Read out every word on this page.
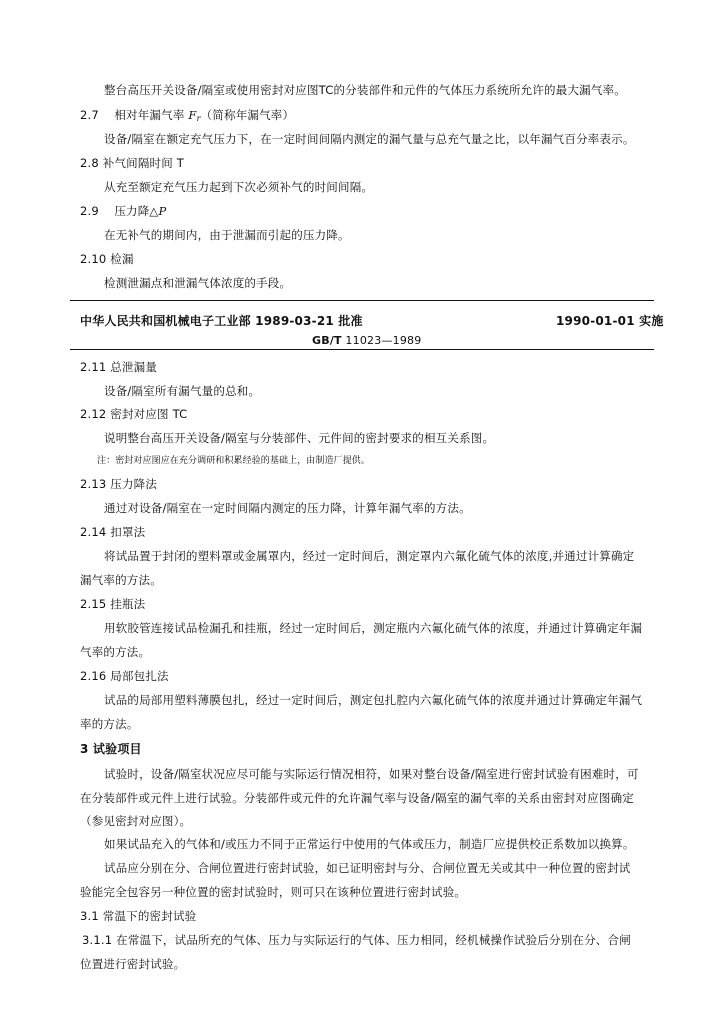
整台高压开关设备/隔室或使用密封对应图TC的分装部件和元件的气体压力系统所允许的最大漏气率。
2.7 相对年漏气率 $F_r$（简称年漏气率）
设备/隔室在额定充气压力下，在一定时间间隔内测定的漏气量与总充气量之比，以年漏气百分率表示。
2.8 补气间隔时间 T
从充至额定充气压力起到下次必须补气的时间间隔。
2.9 压力降△P
在无补气的期间内，由于泄漏而引起的压力降。
2.10 检漏
检测泄漏点和泄漏气体浓度的手段。
中华人民共和国机械电子工业部 1989-03-21 批准	1990-01-01 实施
GB/T 11023—1989
2.11 总泄漏量
设备/隔室所有漏气量的总和。
2.12 密封对应图 TC
说明整台高压开关设备/隔室与分装部件、元件间的密封要求的相互关系图。
注：密封对应图应在充分调研和积累经验的基础上，由制造厂提供。
2.13 压力降法
通过对设备/隔室在一定时间隔内测定的压力降，计算年漏气率的方法。
2.14 扣罩法
将试品置于封闭的塑料罩或金属罩内，经过一定时间后，测定罩内六氟化硫气体的浓度,并通过计算确定
漏气率的方法。
2.15 挂瓶法
用软胶管连接试品检漏孔和挂瓶，经过一定时间后，测定瓶内六氟化硫气体的浓度，并通过计算确定年漏
气率的方法。
2.16 局部包扎法
试品的局部用塑料薄膜包扎，经过一定时间后，测定包扎腔内六氟化硫气体的浓度并通过计算确定年漏气
率的方法。
3 试验项目
试验时，设备/隔室状况应尽可能与实际运行情况相符，如果对整台设备/隔室进行密封试验有困难时，可
在分装部件或元件上进行试验。分装部件或元件的允许漏气率与设备/隔室的漏气率的关系由密封对应图确定
（参见密封对应图）。
如果试品充入的气体和/或压力不同于正常运行中使用的气体或压力，制造厂应提供校正系数加以换算。
试品应分别在分、合闸位置进行密封试验，如已证明密封与分、合闸位置无关或其中一种位置的密封试
验能完全包容另一种位置的密封试验时，则可只在该种位置进行密封试验。
3.1 常温下的密封试验
3.1.1 在常温下，试品所充的气体、压力与实际运行的气体、压力相同，经机械操作试验后分别在分、合闸
位置进行密封试验。
